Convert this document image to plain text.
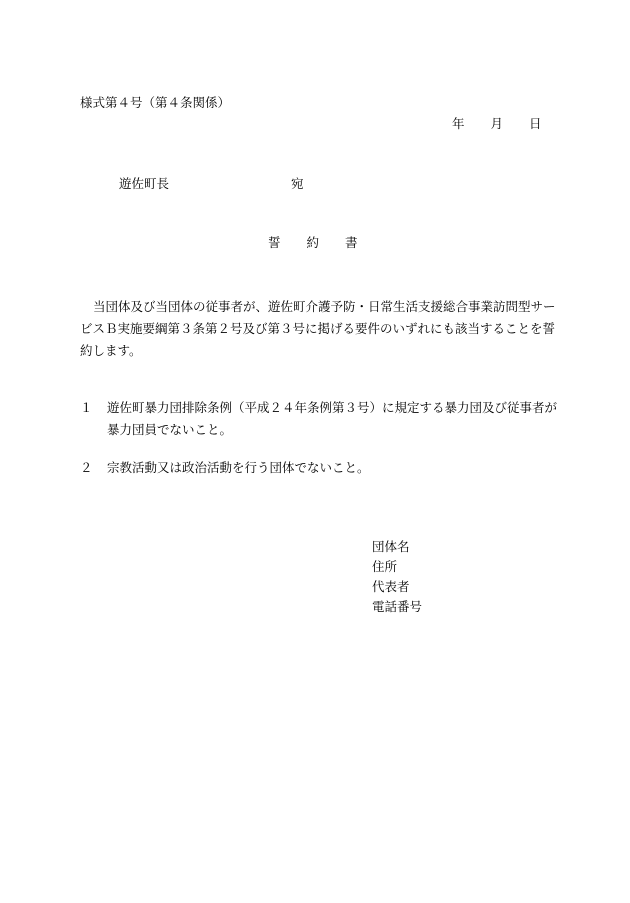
様式第４号（第４条関係）
年 月 日
遊佐町長	宛
誓 約 書
当団体及び当団体の従事者が、遊佐町介護予防・日常生活支援総合事業訪問型サービスＢ実施要綱第３条第２号及び第３号に掲げる要件のいずれにも該当することを誓約します。
１	遊佐町暴力団排除条例（平成２４年条例第３号）に規定する暴力団及び従事者が暴力団員でないこと。
２	宗教活動又は政治活動を行う団体でないこと。
団体名
住所
代表者
電話番号
